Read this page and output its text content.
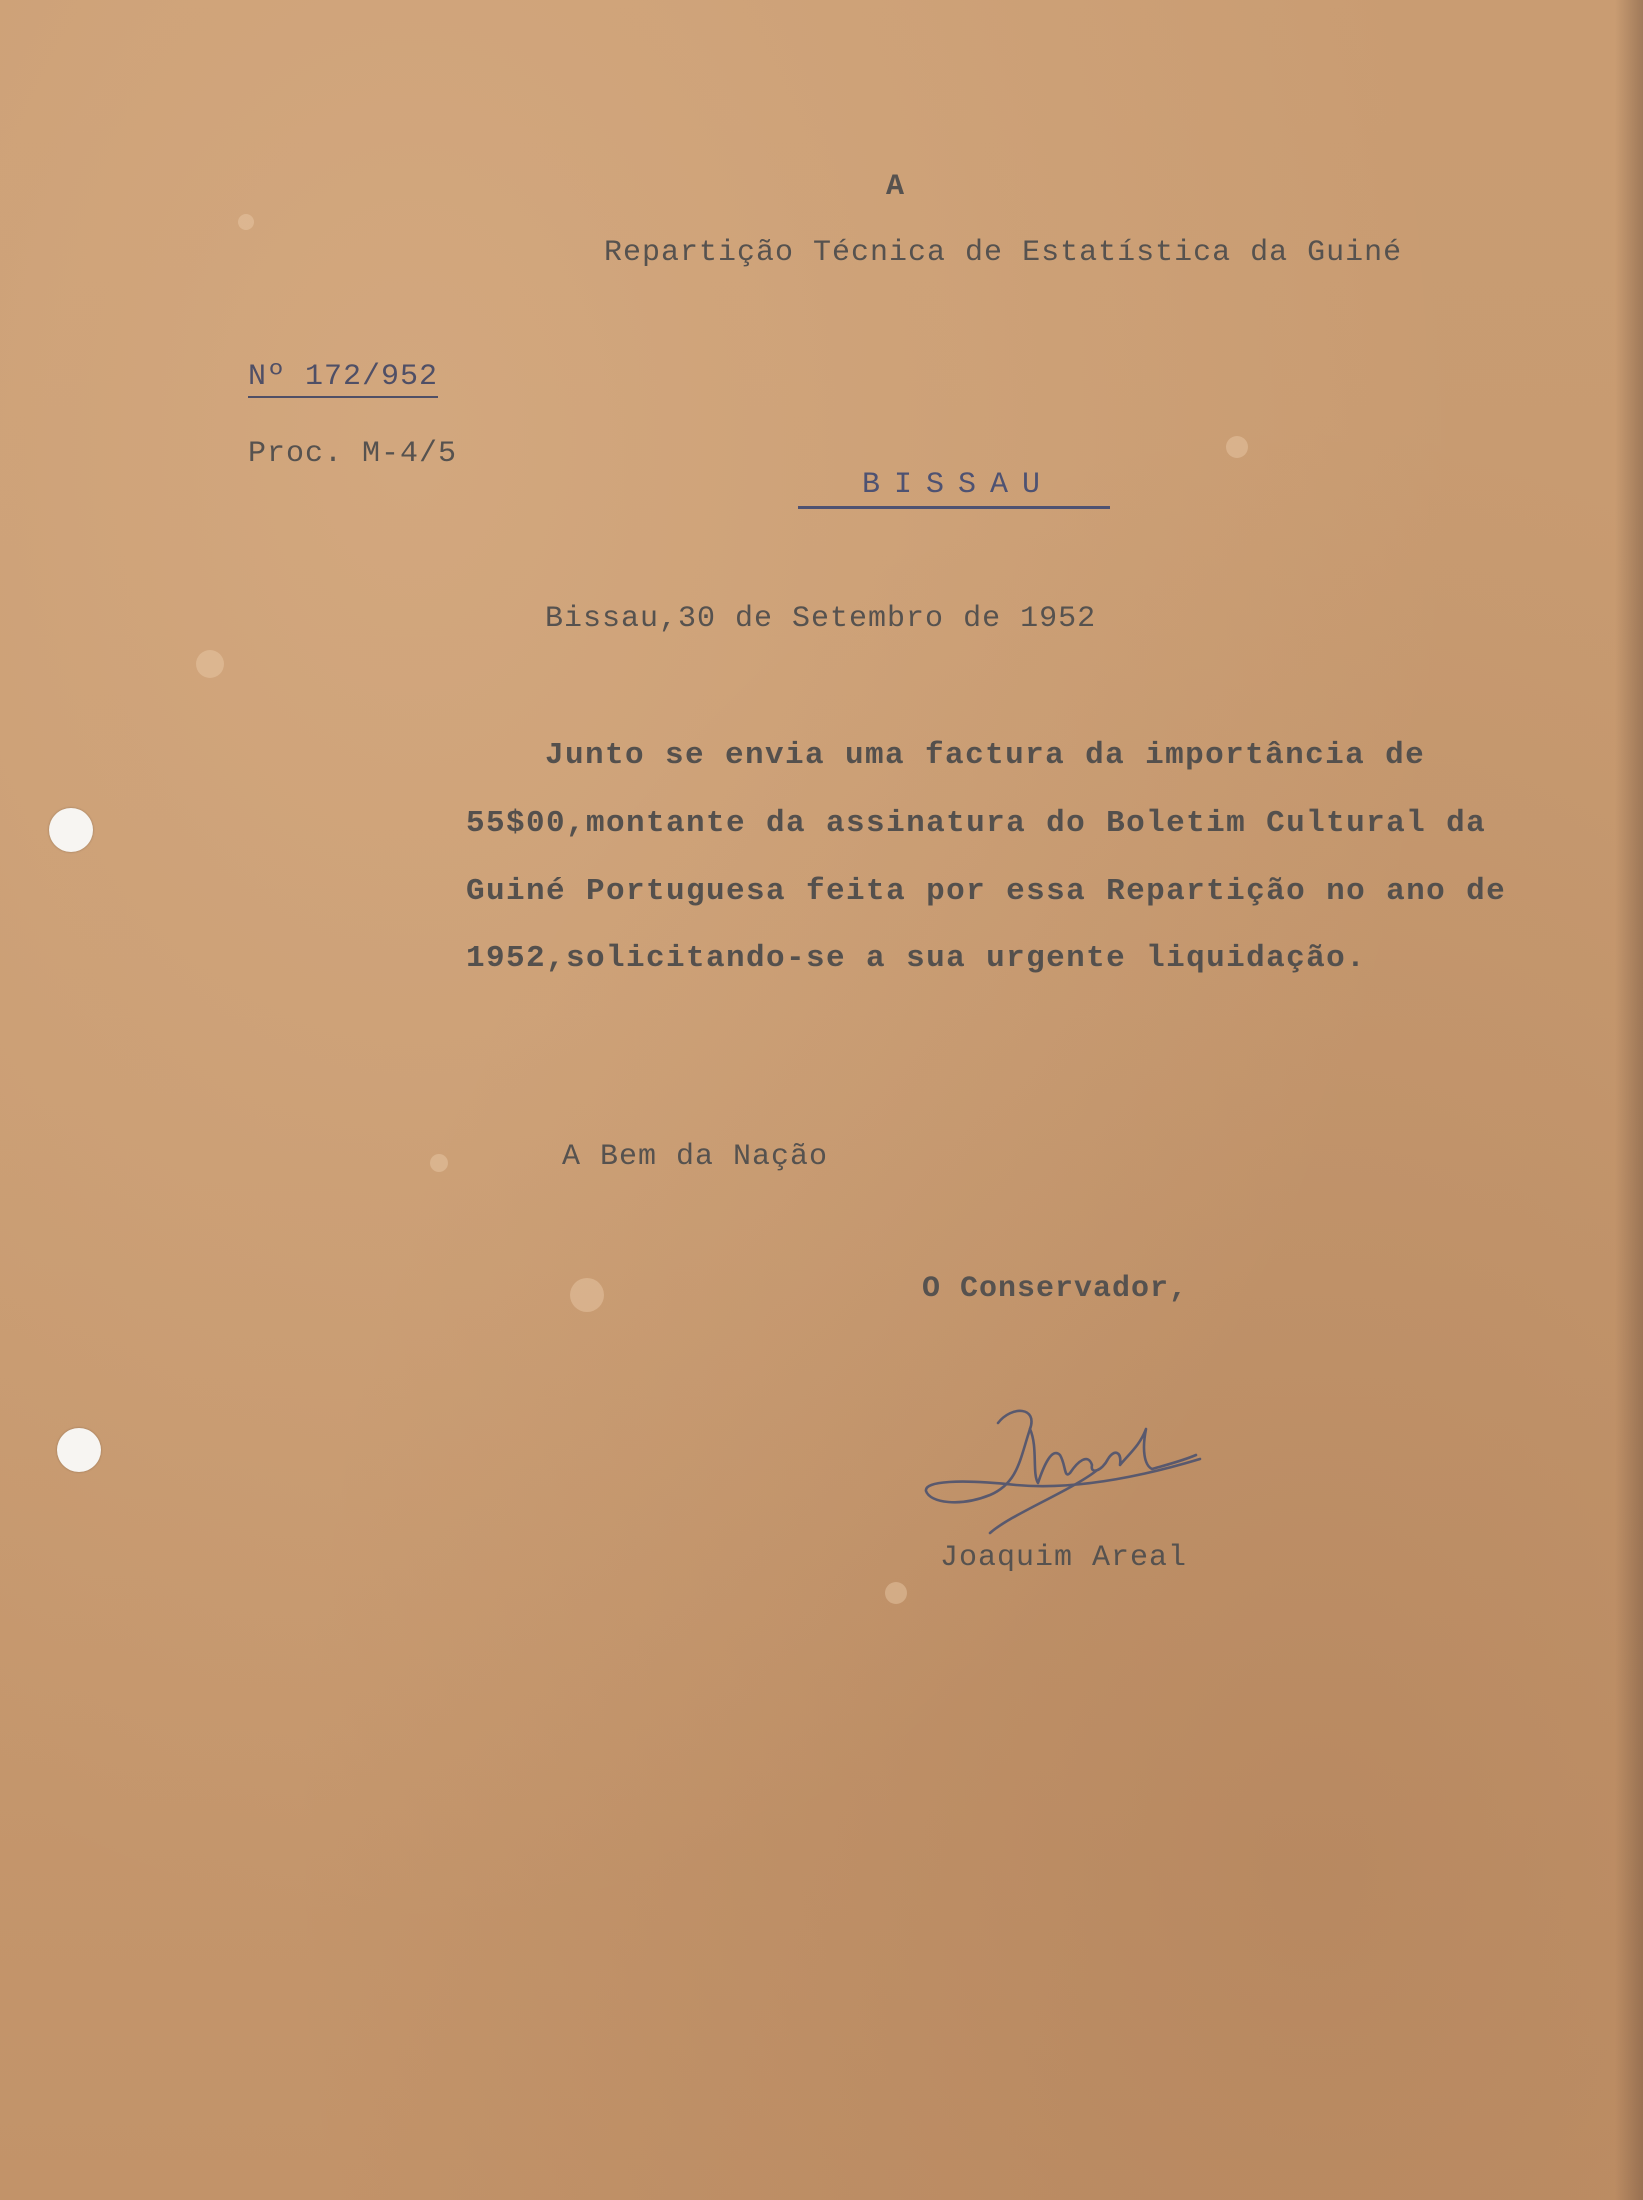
A
Repartição Técnica de Estatística da Guiné
Nº 172/952
Proc. M-4/5
BISSAU
Bissau,30 de Setembro de 1952
Junto se envia uma factura da importância de
55$00,montante da assinatura do Boletim Cultural da
Guiné Portuguesa feita por essa Repartição no ano de
1952,solicitando-se a sua urgente liquidação.
A Bem da Nação
O Conservador,
Joaquim Areal
